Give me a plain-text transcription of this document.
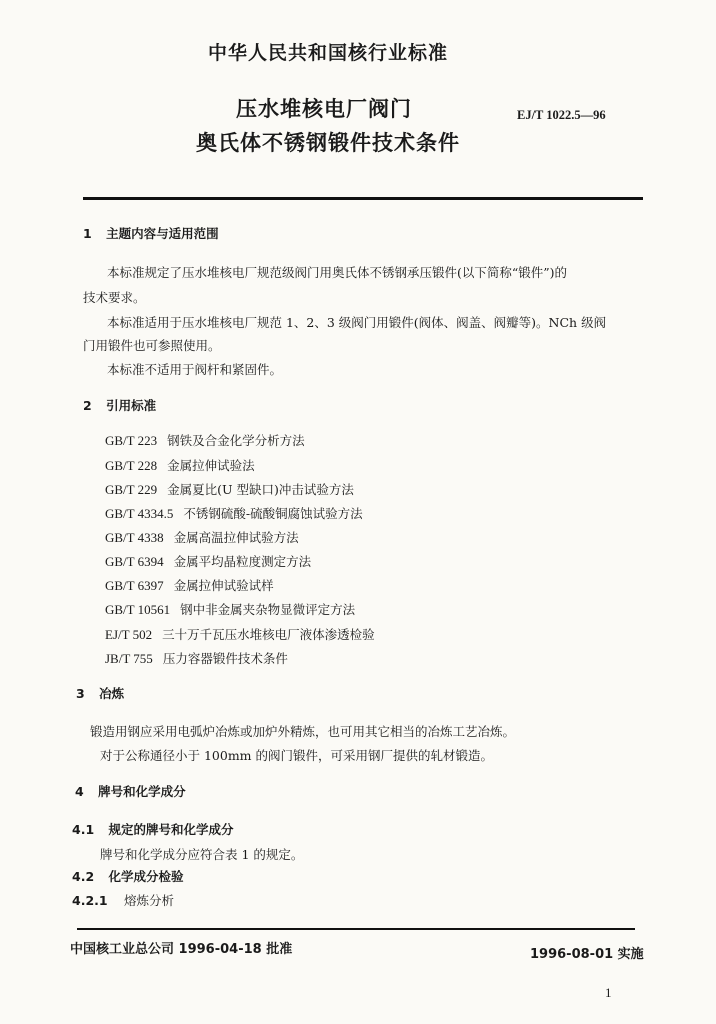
中华人民共和国核行业标准
压水堆核电厂阀门
奥氏体不锈钢锻件技术条件
EJ/T 1022.5—96
1 主题内容与适用范围
本标准规定了压水堆核电厂规范级阀门用奥氏体不锈钢承压锻件(以下简称“锻件”)的
技术要求。
本标准适用于压水堆核电厂规范 1、2、3 级阀门用锻件(阀体、阀盖、阀瓣等)。NCh 级阀
门用锻件也可参照使用。
本标准不适用于阀杆和紧固件。
2 引用标准
GB/T 223 钢铁及合金化学分析方法
GB/T 228 金属拉伸试验法
GB/T 229 金属夏比(U 型缺口)冲击试验方法
GB/T 4334.5 不锈钢硫酸-硫酸铜腐蚀试验方法
GB/T 4338 金属高温拉伸试验方法
GB/T 6394 金属平均晶粒度测定方法
GB/T 6397 金属拉伸试验试样
GB/T 10561 钢中非金属夹杂物显微评定方法
EJ/T 502 三十万千瓦压水堆核电厂液体渗透检验
JB/T 755 压力容器锻件技术条件
3 冶炼
锻造用钢应采用电弧炉冶炼或加炉外精炼，也可用其它相当的冶炼工艺冶炼。
对于公称通径小于 100mm 的阀门锻件，可采用钢厂提供的轧材锻造。
4 牌号和化学成分
4.1 规定的牌号和化学成分
牌号和化学成分应符合表 1 的规定。
4.2 化学成分检验
4.2.1 熔炼分析
中国核工业总公司 1996-04-18 批准	1996-08-01 实施
1
